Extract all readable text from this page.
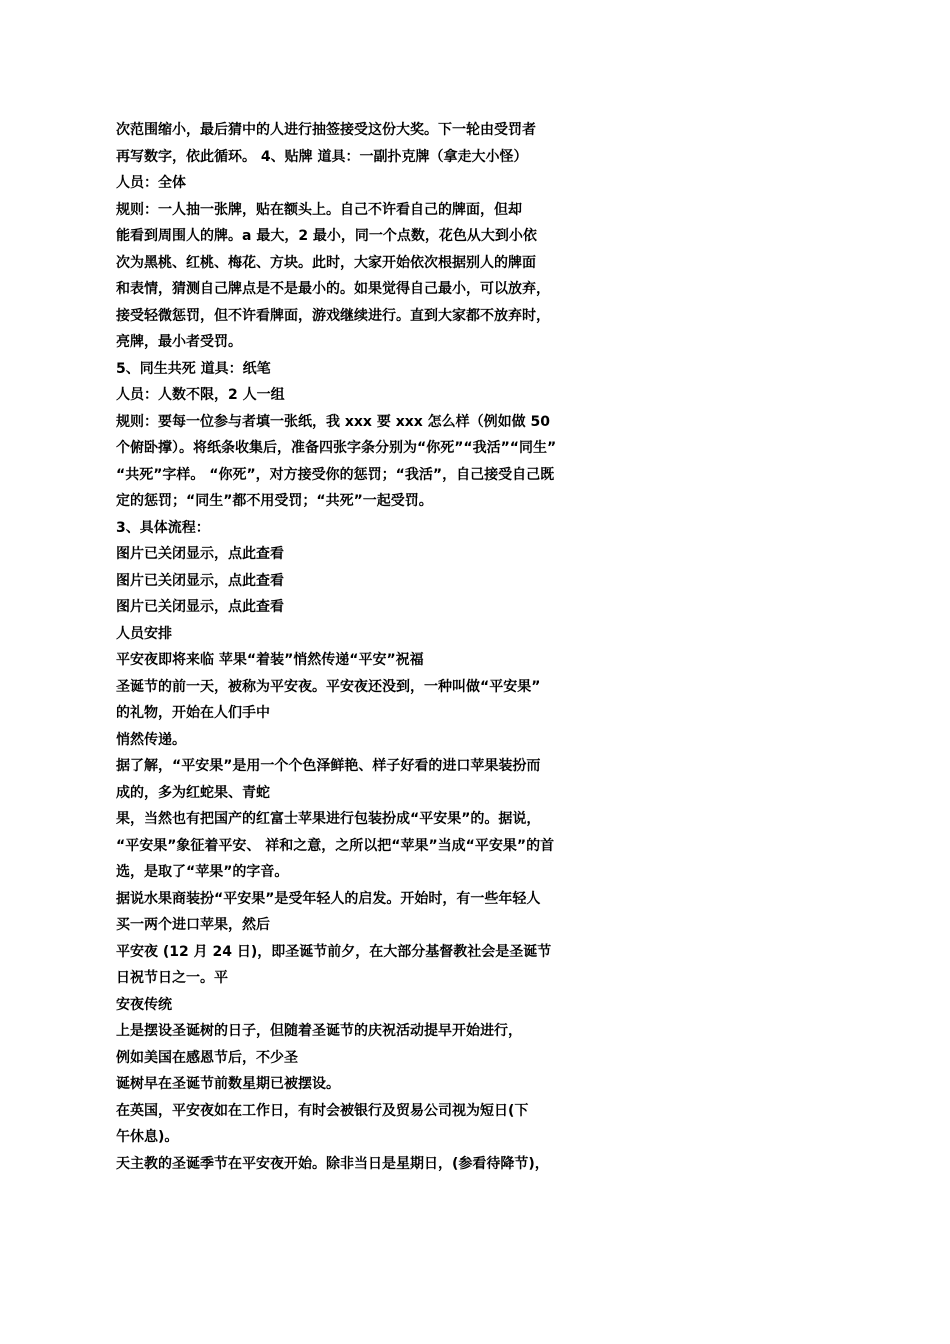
次范围缩小，最后猜中的人进行抽签接受这份大奖。下一轮由受罚者
再写数字，依此循环。 4、贴牌 道具：一副扑克牌（拿走大小怪）
人员：全体
规则：一人抽一张牌，贴在额头上。自己不许看自己的牌面，但却
能看到周围人的牌。a 最大，2 最小，同一个点数，花色从大到小依
次为黑桃、红桃、梅花、方块。此时，大家开始依次根据别人的牌面
和表情，猜测自己牌点是不是最小的。如果觉得自己最小，可以放弃，
接受轻微惩罚，但不许看牌面，游戏继续进行。直到大家都不放弃时，
亮牌，最小者受罚。
5、同生共死 道具：纸笔
人员：人数不限，2 人一组
规则：要每一位参与者填一张纸，我 xxx 要 xxx 怎么样（例如做 50
个俯卧撑）。将纸条收集后，准备四张字条分别为“你死”“我活”“同生”
“共死”字样。 “你死”，对方接受你的惩罚；“我活”，自己接受自己既
定的惩罚；“同生”都不用受罚；“共死”一起受罚。
3、具体流程：
图片已关闭显示，点此查看
图片已关闭显示，点此查看
图片已关闭显示，点此查看
人员安排
平安夜即将来临 苹果“着装”悄然传递“平安”祝福
圣诞节的前一天，被称为平安夜。平安夜还没到，一种叫做“平安果”
的礼物，开始在人们手中
悄然传递。
据了解，“平安果”是用一个个色泽鲜艳、样子好看的进口苹果装扮而
成的，多为红蛇果、青蛇
果，当然也有把国产的红富士苹果进行包装扮成“平安果”的。据说，
“平安果”象征着平安、 祥和之意，之所以把“苹果”当成“平安果”的首
选，是取了“苹果”的字音。
据说水果商装扮“平安果”是受年轻人的启发。开始时，有一些年轻人
买一两个进口苹果，然后
平安夜 (12 月 24 日)，即圣诞节前夕，在大部分基督教社会是圣诞节
日祝节日之一。平
安夜传统
上是摆设圣诞树的日子，但随着圣诞节的庆祝活动提早开始进行，
例如美国在感恩节后，不少圣
诞树早在圣诞节前数星期已被摆设。
在英国，平安夜如在工作日，有时会被银行及贸易公司视为短日(下
午休息)。
天主教的圣诞季节在平安夜开始。除非当日是星期日，(参看待降节)，
